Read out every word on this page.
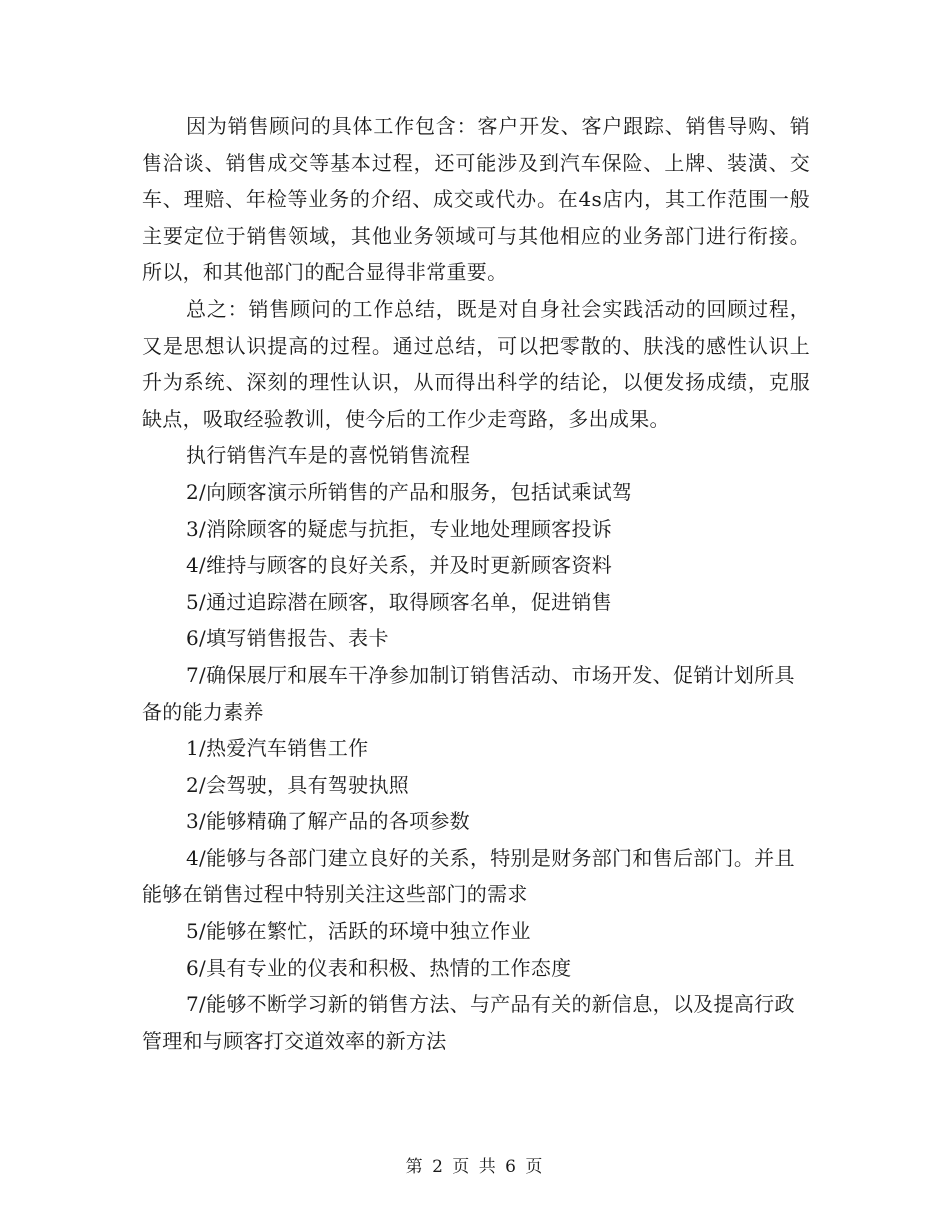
因为销售顾问的具体工作包含：客户开发、客户跟踪、销售导购、销售洽谈、销售成交等基本过程，还可能涉及到汽车保险、上牌、装潢、交车、理赔、年检等业务的介绍、成交或代办。在4s店内，其工作范围一般主要定位于销售领域，其他业务领域可与其他相应的业务部门进行衔接。所以，和其他部门的配合显得非常重要。

总之：销售顾问的工作总结，既是对自身社会实践活动的回顾过程，又是思想认识提高的过程。通过总结，可以把零散的、肤浅的感性认识上升为系统、深刻的理性认识，从而得出科学的结论，以便发扬成绩，克服缺点，吸取经验教训，使今后的工作少走弯路，多出成果。

执行销售汽车是的喜悦销售流程

2/向顾客演示所销售的产品和服务，包括试乘试驾

3/消除顾客的疑虑与抗拒，专业地处理顾客投诉

4/维持与顾客的良好关系，并及时更新顾客资料

5/通过追踪潜在顾客，取得顾客名单，促进销售

6/填写销售报告、表卡

7/确保展厅和展车干净参加制订销售活动、市场开发、促销计划所具备的能力素养

1/热爱汽车销售工作

2/会驾驶，具有驾驶执照

3/能够精确了解产品的各项参数

4/能够与各部门建立良好的关系，特别是财务部门和售后部门。并且能够在销售过程中特别关注这些部门的需求

5/能够在繁忙，活跃的环境中独立作业

6/具有专业的仪表和积极、热情的工作态度

7/能够不断学习新的销售方法、与产品有关的新信息，以及提高行政管理和与顾客打交道效率的新方法

第 2 页 共 6 页
